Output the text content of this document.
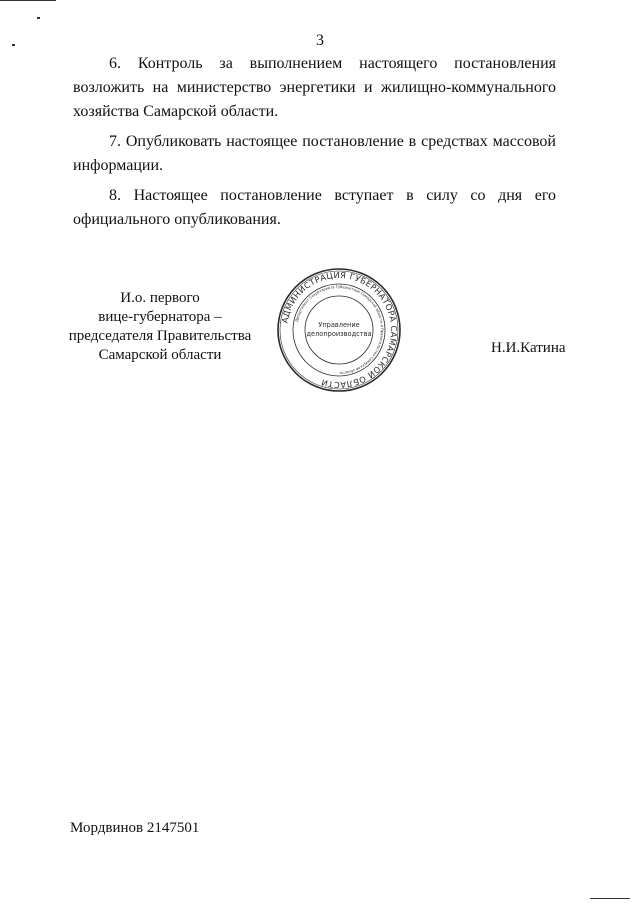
3

6. Контроль за выполнением настоящего постановления возложить на министерство энергетики и жилищно-коммунального хозяйства Самарской области.

7. Опубликовать настоящее постановление в средствах массовой информации.

8. Настоящее постановление вступает в силу со дня его официального опубликования.

И.о. первого
вице-губернатора –
председателя Правительства
Самарской области
АДМИНИСТРАЦИЯ ГУБЕРНАТОРА САМАРСКОЙ ОБЛАСТИ
Департамент Секретариата Губернатора Самарской области и Правительства Самарской области
Управление
делопроизводства
Н.И.Катина
Мордвинов 2147501
